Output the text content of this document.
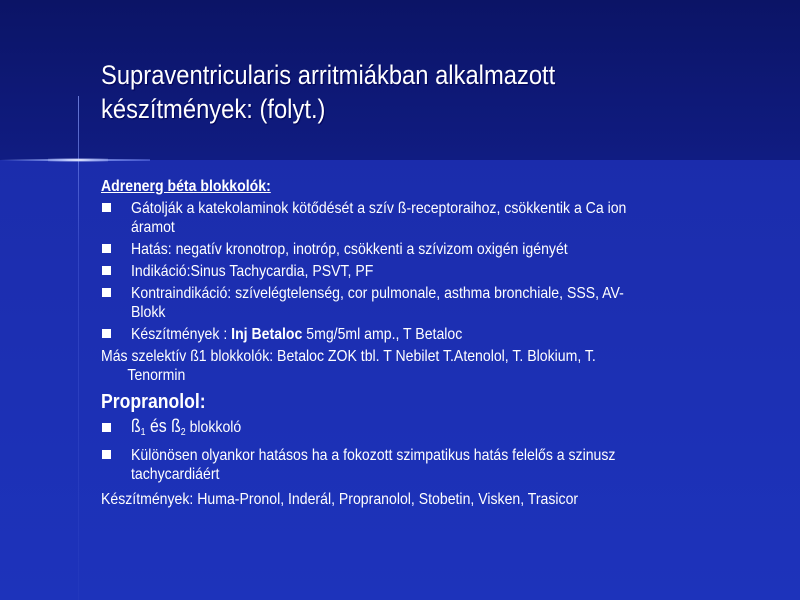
Supraventricularis arritmiákban alkalmazott
készítmények: (folyt.)
Adrenerg béta blokkolók:
Gátolják a katekolaminok kötődését a szív ß-receptoraihoz, csökkentik a Ca ion
áramot
Hatás: negatív kronotrop, inotróp, csökkenti a szívizom oxigén igényét
Indikáció:Sinus Tachycardia, PSVT, PF
Kontraindikáció: szívelégtelenség, cor pulmonale, asthma bronchiale, SSS, AV-
Blokk
Készítmények : Inj Betaloc 5mg/5ml amp., T Betaloc
Más szelektív ß1 blokkolók: Betaloc ZOK tbl. T Nebilet T.Atenolol, T. Blokium, T.
Tenormin
Propranolol:
$ß_1$ és $ß_2$ blokkoló
Különösen olyankor hatásos ha a fokozott szimpatikus hatás felelős a szinusz
tachycardiáért
Készítmények: Huma-Pronol, Inderál, Propranolol, Stobetin, Visken, Trasicor
